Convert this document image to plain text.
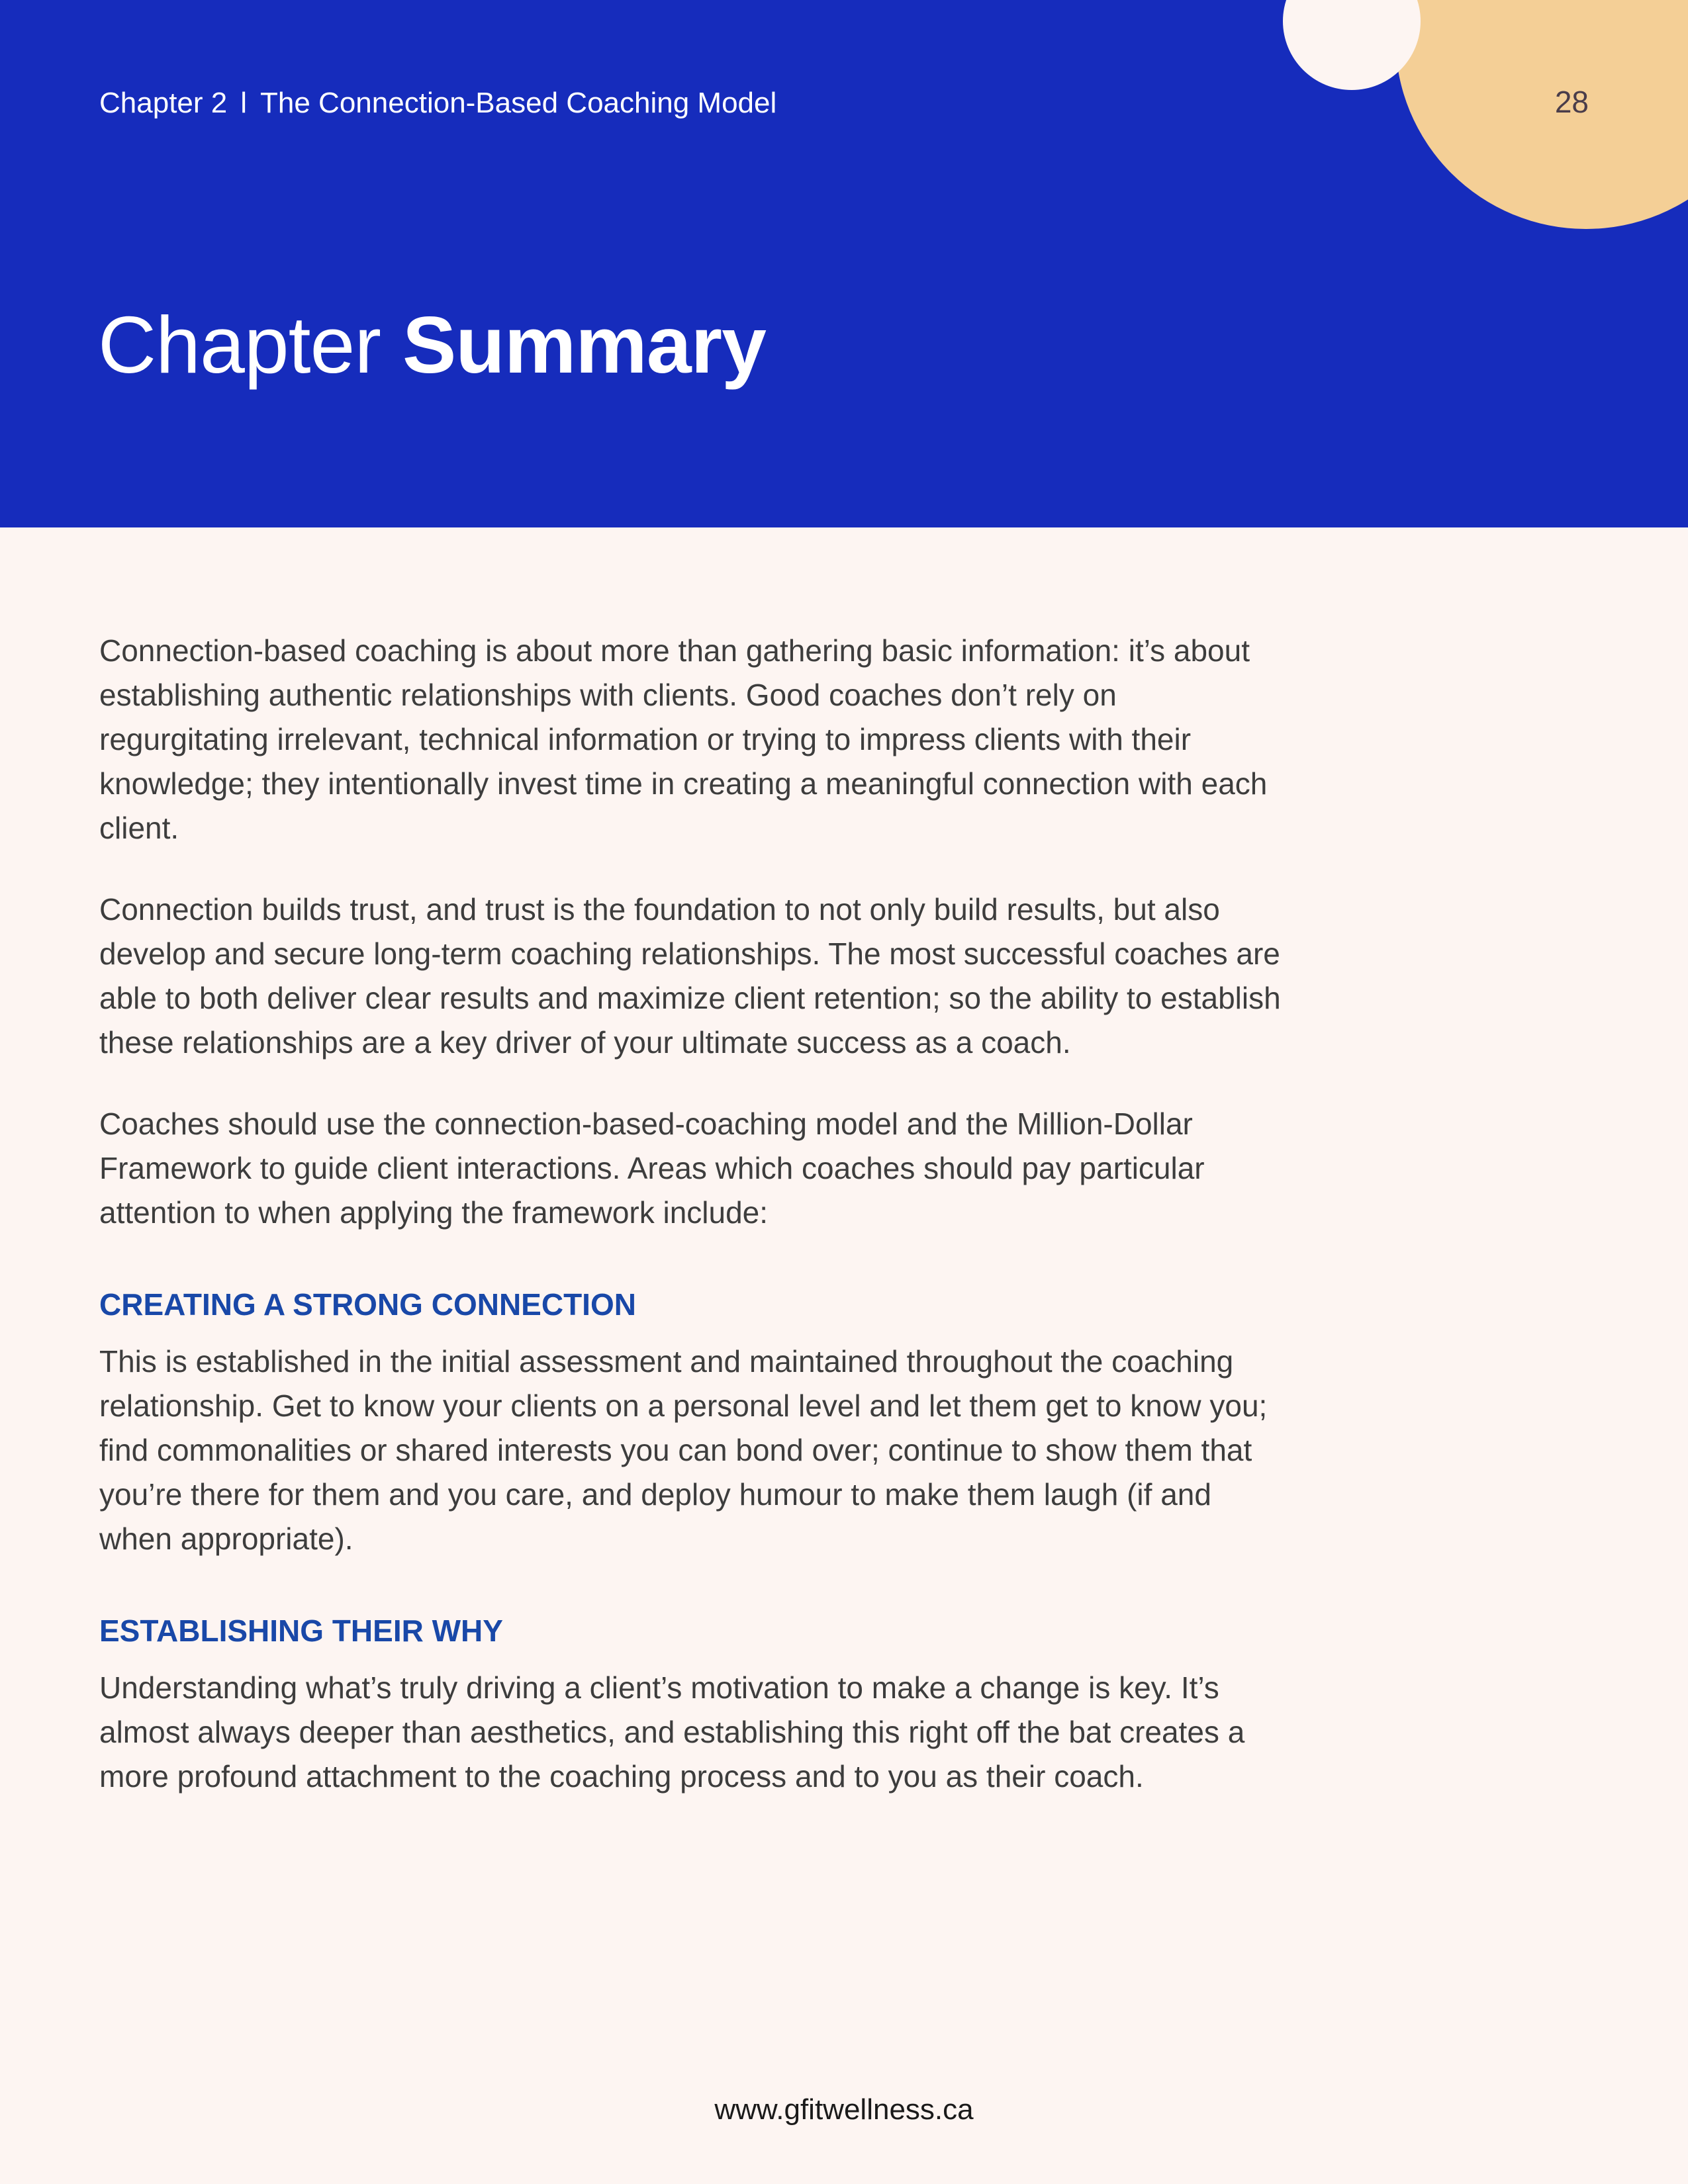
Chapter 2 l The Connection-Based Coaching Model	28
Chapter Summary

Connection-based coaching is about more than gathering basic information: it’s about establishing authentic relationships with clients. Good coaches don’t rely on regurgitating irrelevant, technical information or trying to impress clients with their knowledge; they intentionally invest time in creating a meaningful connection with each client.

Connection builds trust, and trust is the foundation to not only build results, but also develop and secure long-term coaching relationships. The most successful coaches are able to both deliver clear results and maximize client retention; so the ability to establish these relationships are a key driver of your ultimate success as a coach.

Coaches should use the connection-based-coaching model and the Million-Dollar Framework to guide client interactions. Areas which coaches should pay particular attention to when applying the framework include:

CREATING A STRONG CONNECTION

This is established in the initial assessment and maintained throughout the coaching relationship. Get to know your clients on a personal level and let them get to know you; find commonalities or shared interests you can bond over; continue to show them that you’re there for them and you care, and deploy humour to make them laugh (if and when appropriate).

ESTABLISHING THEIR WHY

Understanding what’s truly driving a client’s motivation to make a change is key. It’s almost always deeper than aesthetics, and establishing this right off the bat creates a more profound attachment to the coaching process and to you as their coach.

www.gfitwellness.ca
